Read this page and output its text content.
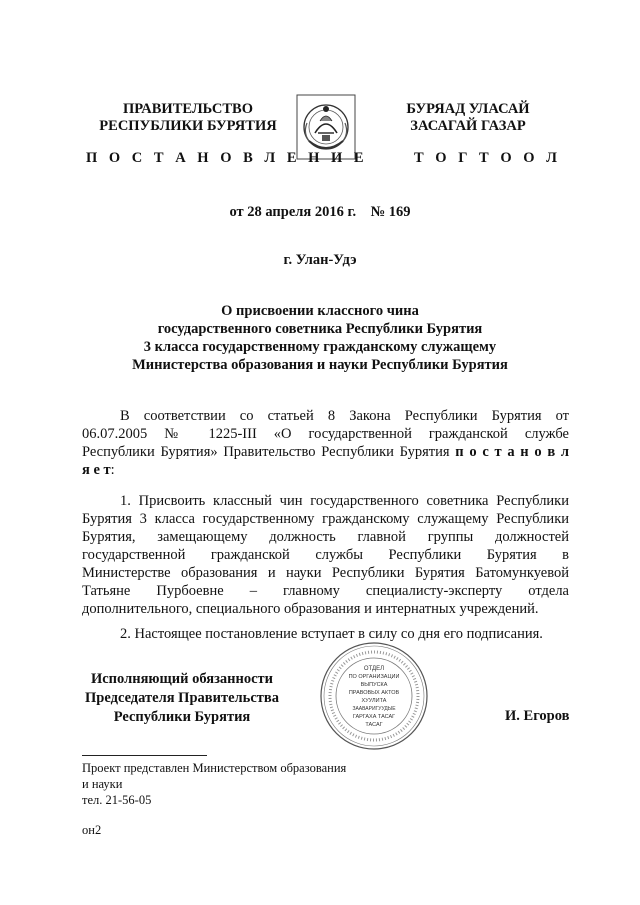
ПРАВИТЕЛЬСТВО
РЕСПУБЛИКИ БУРЯТИЯ
БУРЯАД УЛАСАЙ
ЗАСАГАЙ ГАЗАР
П О С Т А Н О В Л Е Н И Е	Т О Г Т О О Л
от 28 апреля 2016 г.    № 169
г. Улан-Удэ
О присвоении классного чина
государственного советника Республики Бурятия
3 класса государственному гражданскому служащему
Министерства образования и науки Республики Бурятия
В соответствии со статьей 8 Закона Республики Бурятия от
06.07.2005 № 1225-III «О государственной гражданской службе
Республики Бурятия» Правительство Республики Бурятия п о с т а н о в л
я е т:
1. Присвоить классный чин государственного советника Республики
Бурятия 3 класса государственному гражданскому служащему Республики
Бурятия, замещающему должность главной группы должностей
государственной гражданской службы Республики Бурятия в
Министерстве образования и науки Республики Бурятия Батомункуевой
Татьяне Пурбоевне – главному специалисту-эксперту отдела
дополнительного, специального образования и интернатных учреждений.
2. Настоящее постановление вступает в силу со дня его подписания.
Исполняющий обязанности
Председателя Правительства
Республики Бурятия
ОТДЕЛ
ПО ОРГАНИЗАЦИИ
ВЫПУСКА
ПРАВОВЫХ АКТОВ
ХУУЛИТА
ЗААВАРИГУУДЫЕ
ГАРГАХА ТАСАГ
ТАСАГ
И. Егоров
Проект представлен Министерством образования
и науки
тел. 21-56-05
он2
